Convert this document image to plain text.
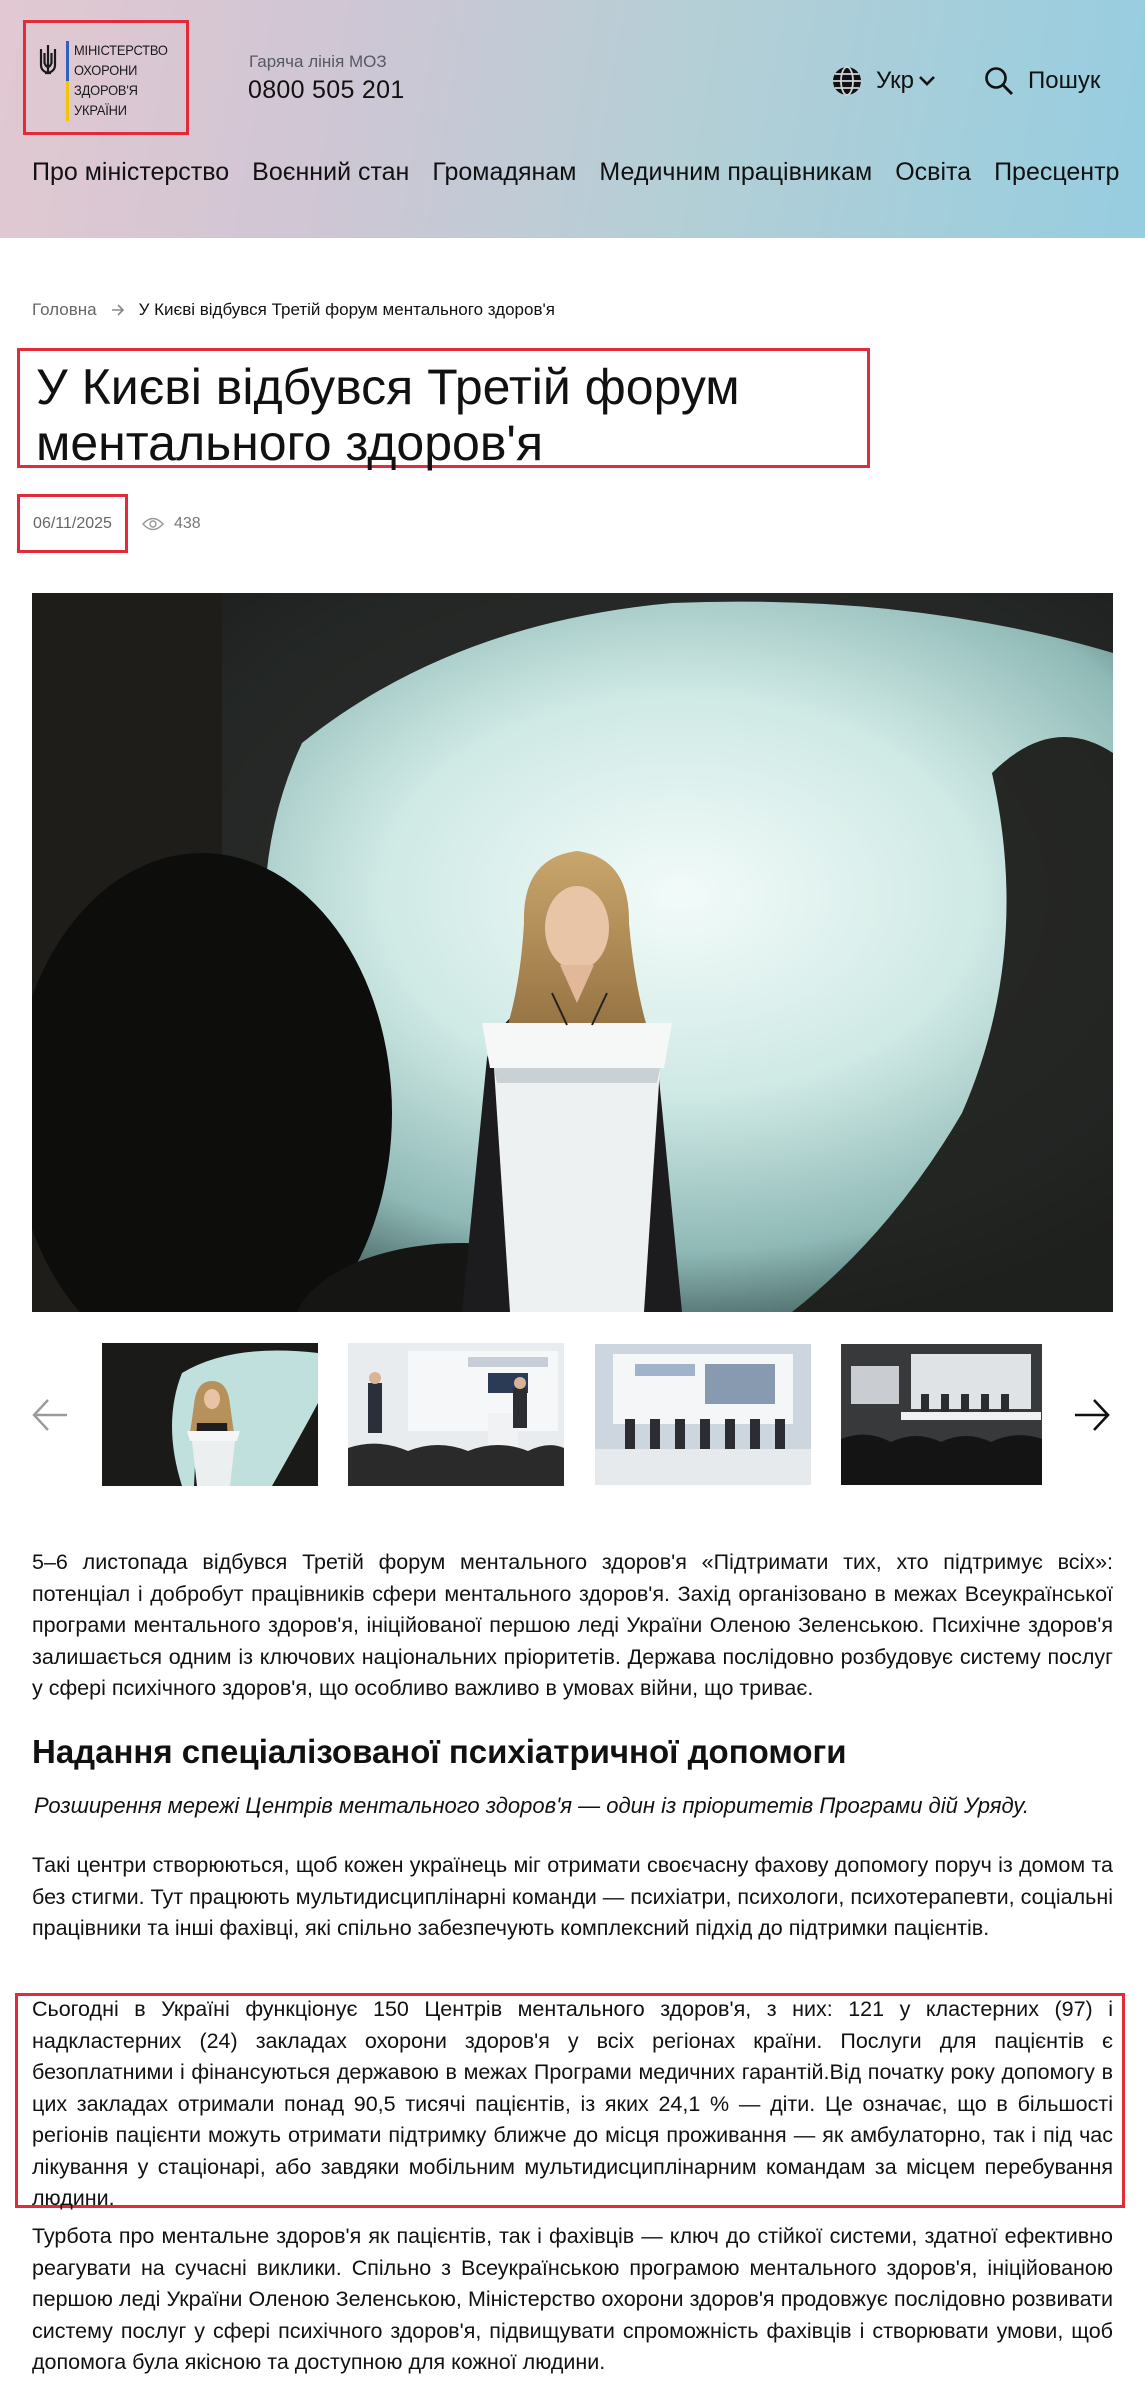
МІНІСТЕРСТВО
ОХОРОНИ
ЗДОРОВ'Я
УКРАЇНИ
Гаряча лінія МОЗ
0800 505 201	Укр	Пошук
Про міністерство Воєнний стан Громадянам Медичним працівникам Освіта Пресцентр
Головна У Києві відбувся Третій форум ментального здоров'я
У Києві відбувся Третій форум ментального здоров'я
06/11/2025	438

5–6 листопада відбувся Третій форум ментального здоров'я «Підтримати тих, хто підтримує всіх»: потенціал і добробут працівників сфери ментального здоров'я. Захід організовано в межах Всеукраїнської програми ментального здоров'я, ініційованої першою леді України Оленою Зеленською. Психічне здоров'я залишається одним із ключових національних пріоритетів. Держава послідовно розбудовує систему послуг у сфері психічного здоров'я, що особливо важливо в умовах війни, що триває.

Надання спеціалізованої психіатричної допомоги

Розширення мережі Центрів ментального здоров'я — один із пріоритетів Програми дій Уряду.

Такі центри створюються, щоб кожен українець міг отримати своєчасну фахову допомогу поруч із домом та без стигми. Тут працюють мультидисциплінарні команди — психіатри, психологи, психотерапевти, соціальні працівники та інші фахівці, які спільно забезпечують комплексний підхід до підтримки пацієнтів.

Сьогодні в Україні функціонує 150 Центрів ментального здоров'я, з них: 121 у кластерних (97) і надкластерних (24) закладах охорони здоров'я у всіх регіонах країни. Послуги для пацієнтів є безоплатними і фінансуються державою в межах Програми медичних гарантій.Від початку року допомогу в цих закладах отримали понад 90,5 тисячі пацієнтів, із яких 24,1 % — діти. Це означає, що в більшості регіонів пацієнти можуть отримати підтримку ближче до місця проживання — як амбулаторно, так і під час лікування у стаціонарі, або завдяки мобільним мультидисциплінарним командам за місцем перебування людини.

Турбота про ментальне здоров'я як пацієнтів, так і фахівців — ключ до стійкої системи, здатної ефективно реагувати на сучасні виклики. Спільно з Всеукраїнською програмою ментального здоров'я, ініційованою першою леді України Оленою Зеленською, Міністерство охорони здоров'я продовжує послідовно розвивати систему послуг у сфері психічного здоров'я, підвищувати спроможність фахівців і створювати умови, щоб допомога була якісною та доступною для кожної людини.
